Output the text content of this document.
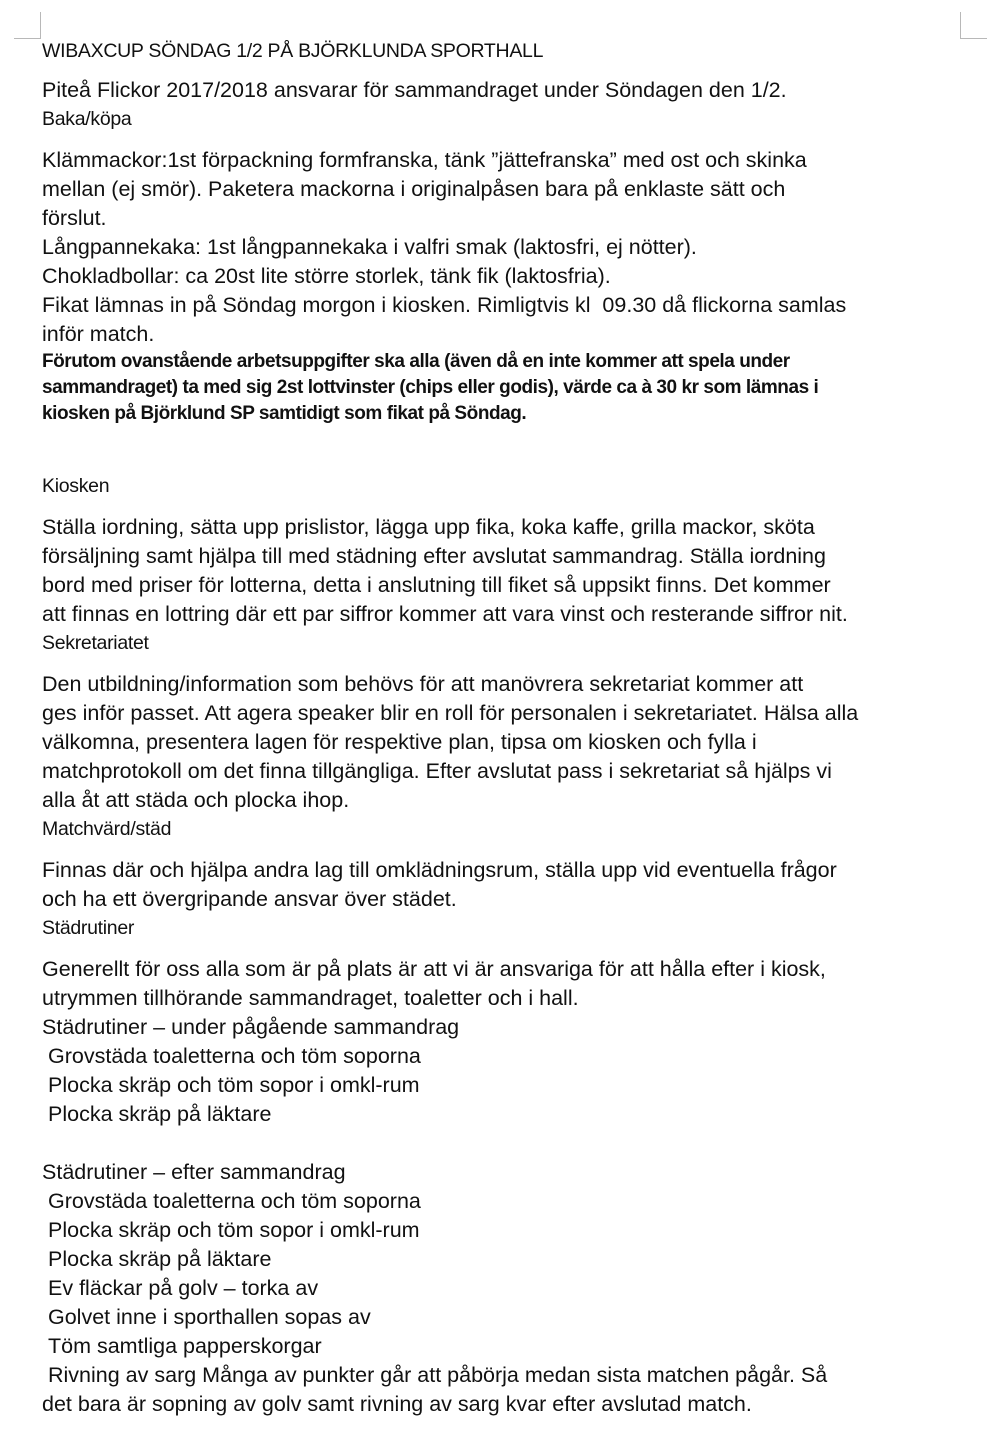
WIBAXCUP SÖNDAG 1/2 PÅ BJÖRKLUNDA SPORTHALL

Piteå Flickor 2017/2018 ansvarar för sammandraget under Söndagen den 1/2.

Baka/köpa

Klämmackor:1st förpackning formfranska, tänk ”jättefranska” med ost och skinka

mellan (ej smör). Paketera mackorna i originalpåsen bara på enklaste sätt och

förslut.

Långpannekaka: 1st långpannekaka i valfri smak (laktosfri, ej nötter).

Chokladbollar: ca 20st lite större storlek, tänk fik (laktosfria).

Fikat lämnas in på Söndag morgon i kiosken. Rimligtvis kl  09.30 då flickorna samlas

inför match.

Förutom ovanstående arbetsuppgifter ska alla (även då en inte kommer att spela under

sammandraget) ta med sig 2st lottvinster (chips eller godis), värde ca à 30 kr som lämnas i

kiosken på Björklund SP samtidigt som fikat på Söndag.

Kiosken

Ställa iordning, sätta upp prislistor, lägga upp fika, koka kaffe, grilla mackor, sköta

försäljning samt hjälpa till med städning efter avslutat sammandrag. Ställa iordning

bord med priser för lotterna, detta i anslutning till fiket så uppsikt finns. Det kommer

att finnas en lottring där ett par siffror kommer att vara vinst och resterande siffror nit.

Sekretariatet

Den utbildning/information som behövs för att manövrera sekretariat kommer att

ges inför passet. Att agera speaker blir en roll för personalen i sekretariatet. Hälsa alla

välkomna, presentera lagen för respektive plan, tipsa om kiosken och fylla i

matchprotokoll om det finna tillgängliga. Efter avslutat pass i sekretariat så hjälps vi

alla åt att städa och plocka ihop.

Matchvärd/städ

Finnas där och hjälpa andra lag till omklädningsrum, ställa upp vid eventuella frågor

och ha ett övergripande ansvar över städet.

Städrutiner

Generellt för oss alla som är på plats är att vi är ansvariga för att hålla efter i kiosk,

utrymmen tillhörande sammandraget, toaletter och i hall.

Städrutiner – under pågående sammandrag

Grovstäda toaletterna och töm soporna

Plocka skräp och töm sopor i omkl-rum

Plocka skräp på läktare

Städrutiner – efter sammandrag

Grovstäda toaletterna och töm soporna

Plocka skräp och töm sopor i omkl-rum

Plocka skräp på läktare

Ev fläckar på golv – torka av

Golvet inne i sporthallen sopas av

Töm samtliga papperskorgar

Rivning av sarg Många av punkter går att påbörja medan sista matchen pågår. Så

det bara är sopning av golv samt rivning av sarg kvar efter avslutad match.
